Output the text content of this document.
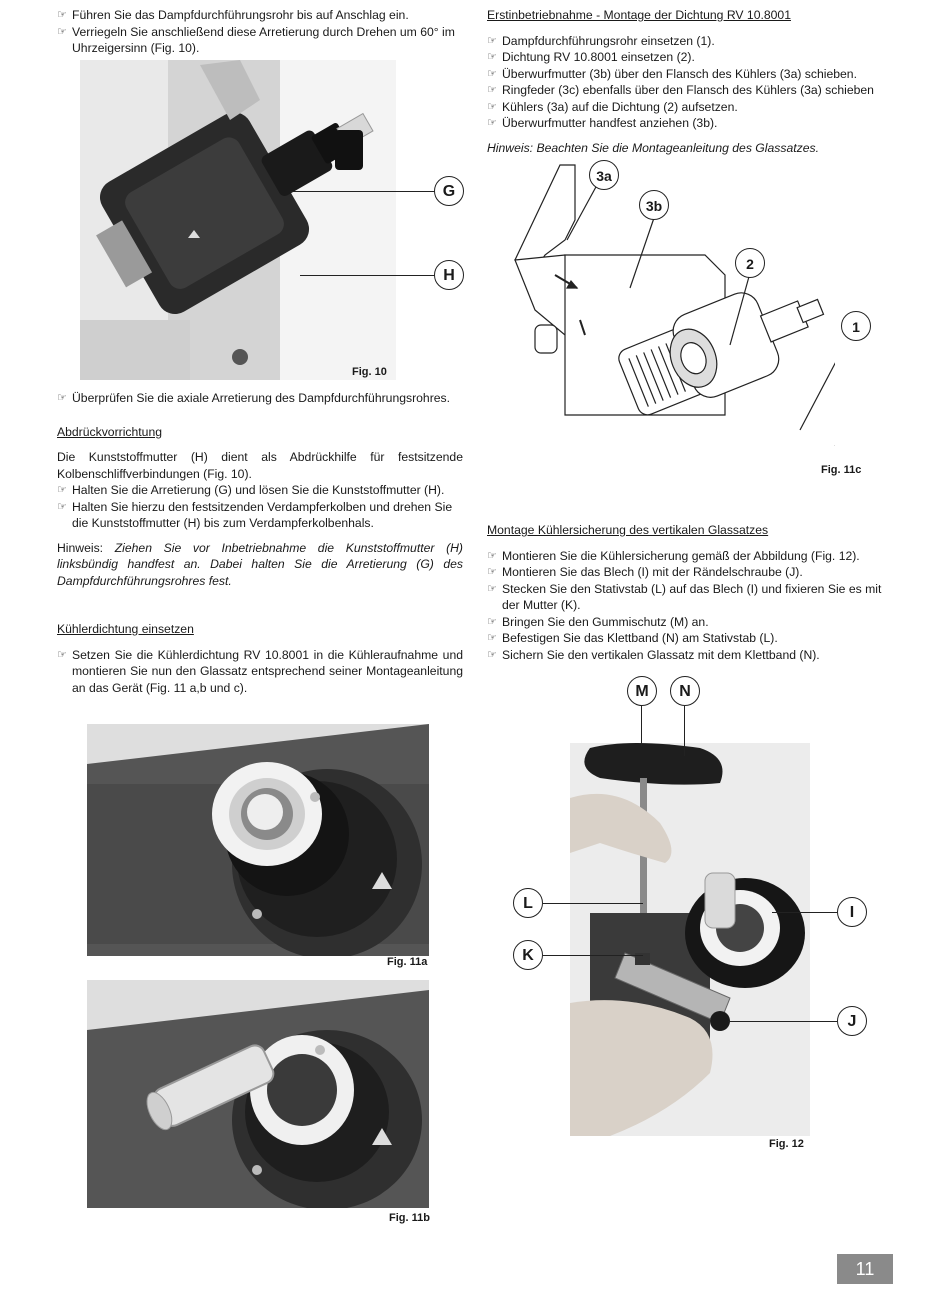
☞ Führen Sie das Dampfdurchführungsrohr bis auf Anschlag ein.

☞ Verriegeln Sie anschließend diese Arretierung durch Drehen um 60° im Uhrzeigersinn (Fig. 10).

G
H
Fig. 10

☞ Überprüfen Sie die axiale Arretierung des Dampfdurchführungsrohres.

Abdrückvorrichtung

Die Kunststoffmutter (H) dient als Abdrückhilfe für festsitzende Kolbenschliffverbindungen (Fig. 10).

☞ Halten Sie die Arretierung (G) und lösen Sie die Kunststoffmutter (H).

☞ Halten Sie hierzu den festsitzenden Verdampferkolben und drehen Sie die Kunststoffmutter (H) bis zum Verdampferkolbenhals.

Hinweis: Ziehen Sie vor Inbetriebnahme die Kunststoffmutter (H) linksbündig handfest an. Dabei halten Sie die Arretierung (G) des Dampfdurchführungsrohres fest.

Kühlerdichtung einsetzen

☞ Setzen Sie die Kühlerdichtung RV 10.8001 in die Kühleraufnahme und montieren Sie nun den Glassatz entsprechend seiner Montageanleitung an das Gerät (Fig. 11 a,b und c).

Fig. 11a
Fig. 11b

Erstinbetriebnahme - Montage der Dichtung RV 10.8001

☞ Dampfdurchführungsrohr einsetzen (1).

☞ Dichtung RV 10.8001 einsetzen (2).

☞ Überwurfmutter (3b) über den Flansch des Kühlers (3a) schieben.

☞ Ringfeder (3c) ebenfalls über den Flansch des Kühlers (3a) schieben

☞ Kühlers (3a) auf die Dichtung (2) aufsetzen.

☞ Überwurfmutter handfest anziehen (3b).

Hinweis: Beachten Sie die Montageanleitung des Glassatzes.

3a
3b
2
1
Fig. 11c

Montage Kühlersicherung des vertikalen Glassatzes

☞ Montieren Sie die Kühlersicherung gemäß der Abbildung (Fig. 12).

☞ Montieren Sie das Blech (I) mit der Rändelschraube (J).

☞ Stecken Sie den Stativstab (L) auf das Blech (I) und fixieren Sie es mit der Mutter (K).

☞ Bringen Sie den Gummischutz (M) an.

☞ Befestigen Sie das Klettband (N) am Stativstab (L).

☞ Sichern Sie den vertikalen Glassatz mit dem Klettband (N).

M	N
L
K
I
J
Fig. 12
11
